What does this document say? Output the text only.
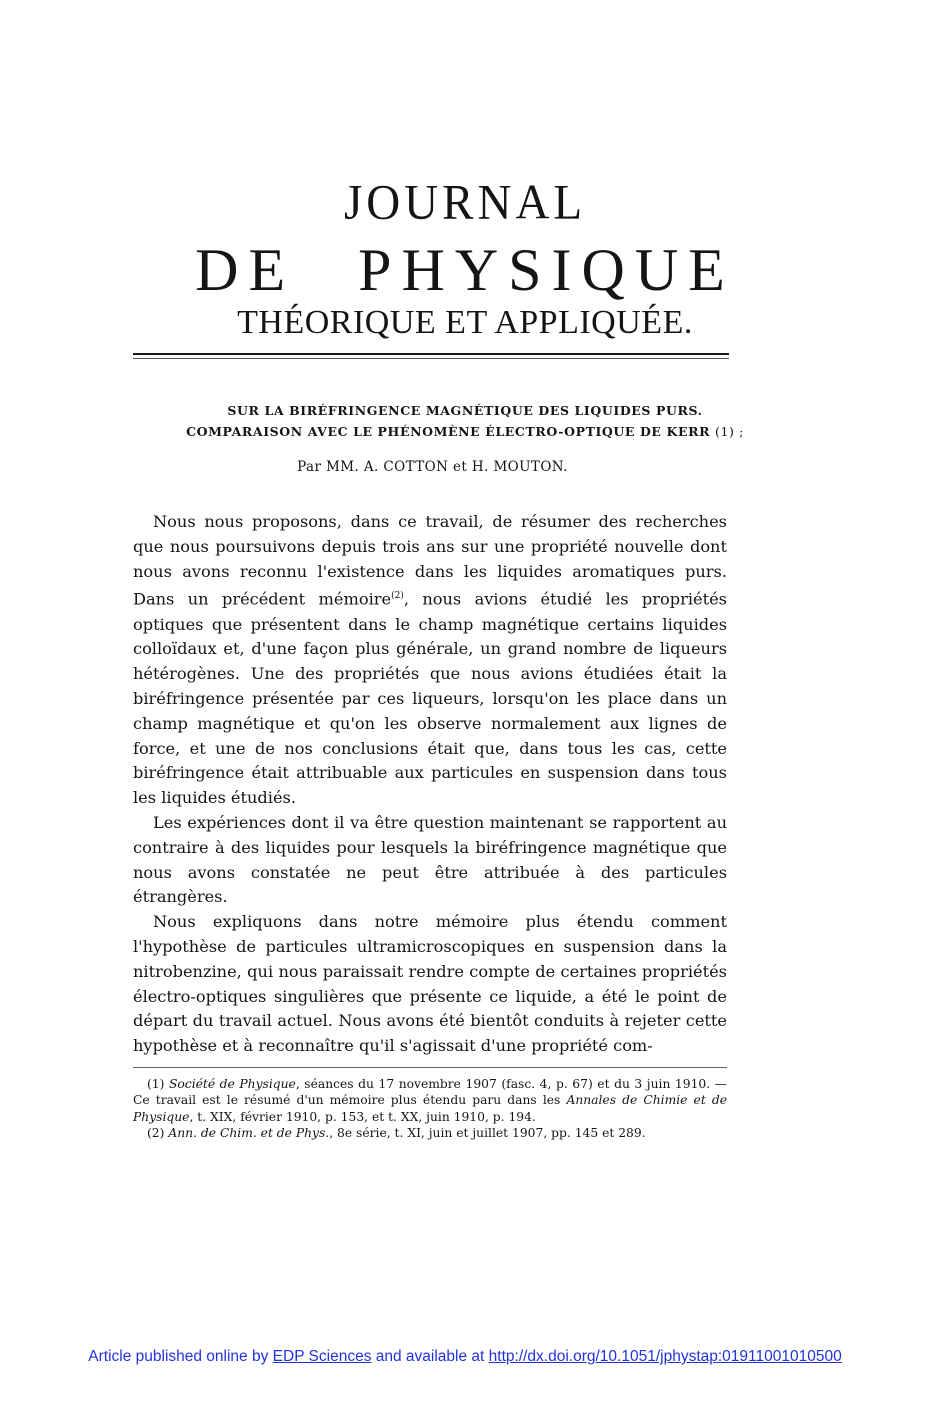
JOURNAL
DE PHYSIQUE
THÉORIQUE ET APPLIQUÉE.
SUR LA BIRÉFRINGENCE MAGNÉTIQUE DES LIQUIDES PURS.
COMPARAISON AVEC LE PHÉNOMÈNE ÉLECTRO-OPTIQUE DE KERR (1) ;
Par MM. A. COTTON et H. MOUTON.

Nous nous proposons, dans ce travail, de résumer des recherches que nous poursuivons depuis trois ans sur une propriété nouvelle dont nous avons reconnu l'existence dans les liquides aromatiques purs. Dans un précédent mémoire$^{(2)}$, nous avions étudié les propriétés optiques que présentent dans le champ magnétique certains liquides colloïdaux et, d'une façon plus générale, un grand nombre de liqueurs hétérogènes. Une des propriétés que nous avions étudiées était la biréfringence présentée par ces liqueurs, lorsqu'on les place dans un champ magnétique et qu'on les observe normalement aux lignes de force, et une de nos conclusions était que, dans tous les cas, cette biréfringence était attribuable aux particules en suspension dans tous les liquides étudiés.

Les expériences dont il va être question maintenant se rapportent au contraire à des liquides pour lesquels la biréfringence magnétique que nous avons constatée ne peut être attribuée à des particules étrangères.

Nous expliquons dans notre mémoire plus étendu comment l'hypothèse de particules ultramicroscopiques en suspension dans la nitrobenzine, qui nous paraissait rendre compte de certaines propriétés électro-optiques singulières que présente ce liquide, a été le point de départ du travail actuel. Nous avons été bientôt conduits à rejeter cette hypothèse et à reconnaître qu'il s'agissait d'une propriété com-

(1) Société de Physique, séances du 17 novembre 1907 (fasc. 4, p. 67) et du 3 juin 1910. — Ce travail est le résumé d'un mémoire plus étendu paru dans les Annales de Chimie et de Physique, t. XIX, février 1910, p. 153, et t. XX, juin 1910, p. 194.

(2) Ann. de Chim. et de Phys., 8e série, t. XI, juin et juillet 1907, pp. 145 et 289.

Article published online by EDP Sciences and available at http://dx.doi.org/10.1051/jphystap:01911001010500
